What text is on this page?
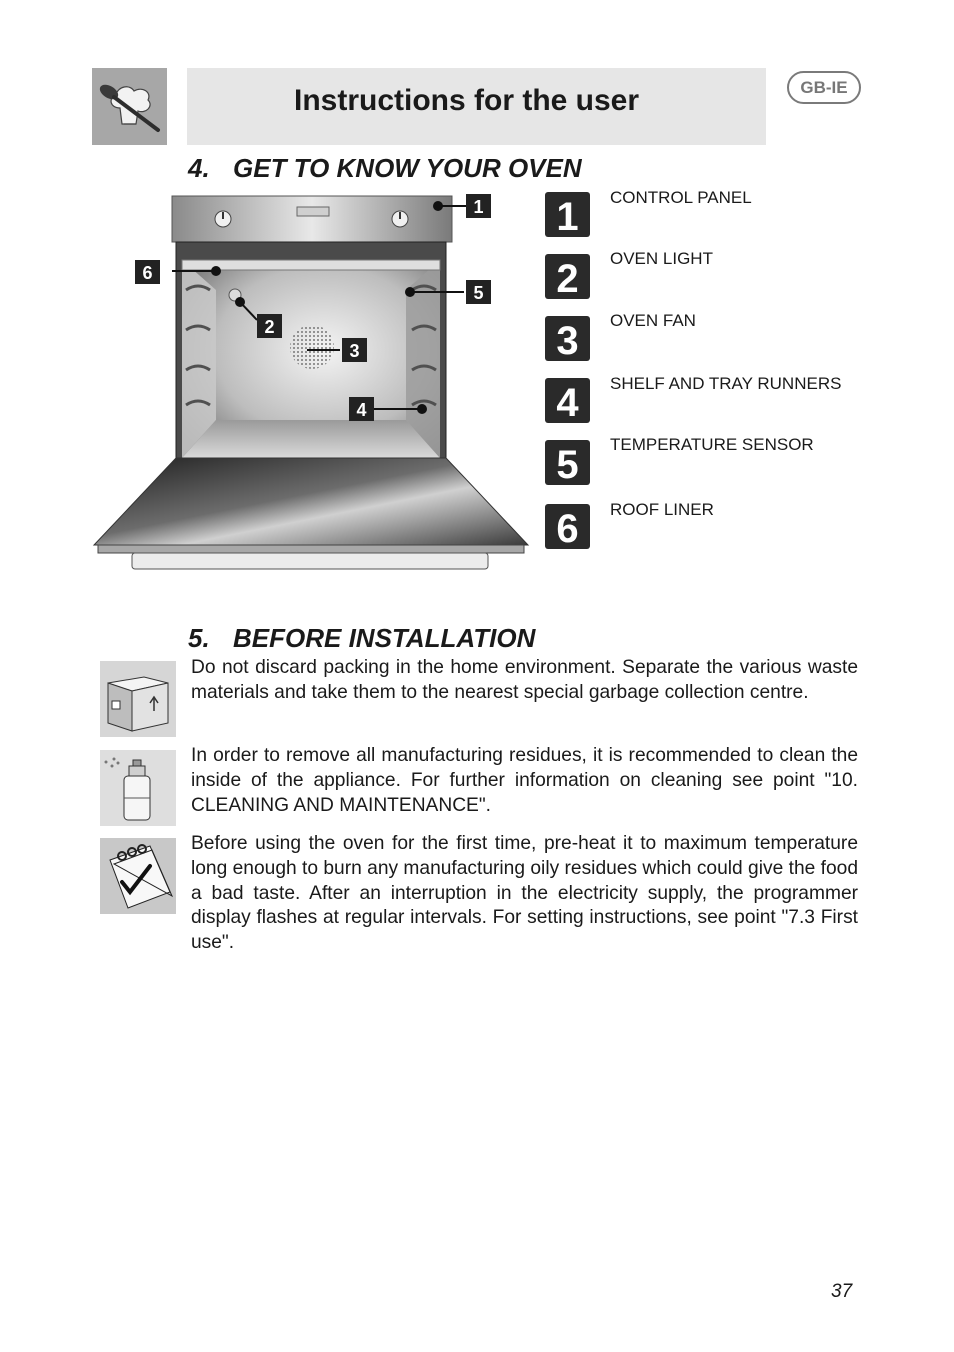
Instructions for the user	GB-IE
4. GET TO KNOW YOUR OVEN
1
6
5
2
3
4
1 CONTROL PANEL
2 OVEN LIGHT
3 OVEN FAN
4 SHELF AND TRAY RUNNERS
5 TEMPERATURE SENSOR
6 ROOF LINER
5. BEFORE INSTALLATION
Do not discard packing in the home environment. Separate the various waste materials and take them to the nearest special garbage collection centre.
In order to remove all manufacturing residues, it is recommended to clean the inside of the appliance. For further information on cleaning see point "10. CLEANING AND MAINTENANCE".
Before using the oven for the first time, pre-heat it to maximum temperature long enough to burn any manufacturing oily residues which could give the food a bad taste. After an interruption in the electricity supply, the programmer display flashes at regular intervals. For setting instructions, see point "7.3 First use".
37
